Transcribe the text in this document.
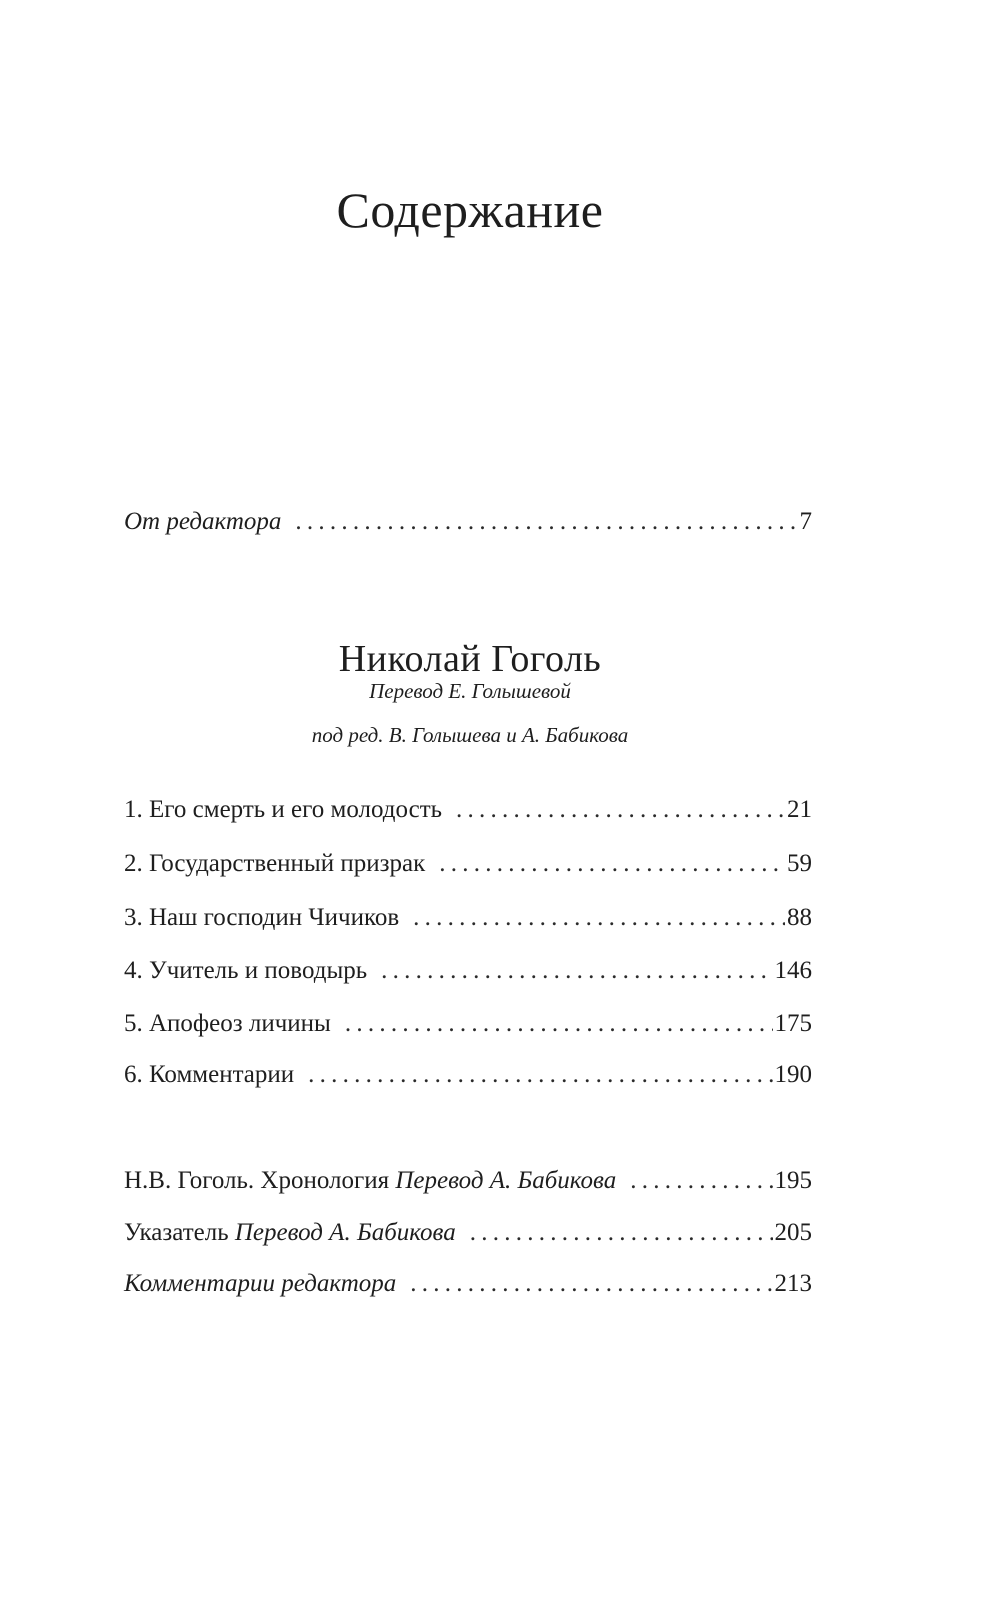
Содержание
От редактора . . .	7
Николай Гоголь
Перевод Е. Голышевой
под ред. В. Голышева и А. Бабикова
1. Его смерть и его молодость . . .	21
2. Государственный призрак . . .	59
3. Наш господин Чичиков . . .	88
4. Учитель и поводырь . . .	146
5. Апофеоз личины . . .	175
6. Комментарии . . .	190
Н.В. Гоголь. Хронология Перевод А. Бабикова . . .	195
Указатель Перевод А. Бабикова . . .	205
Комментарии редактора . . .	213
